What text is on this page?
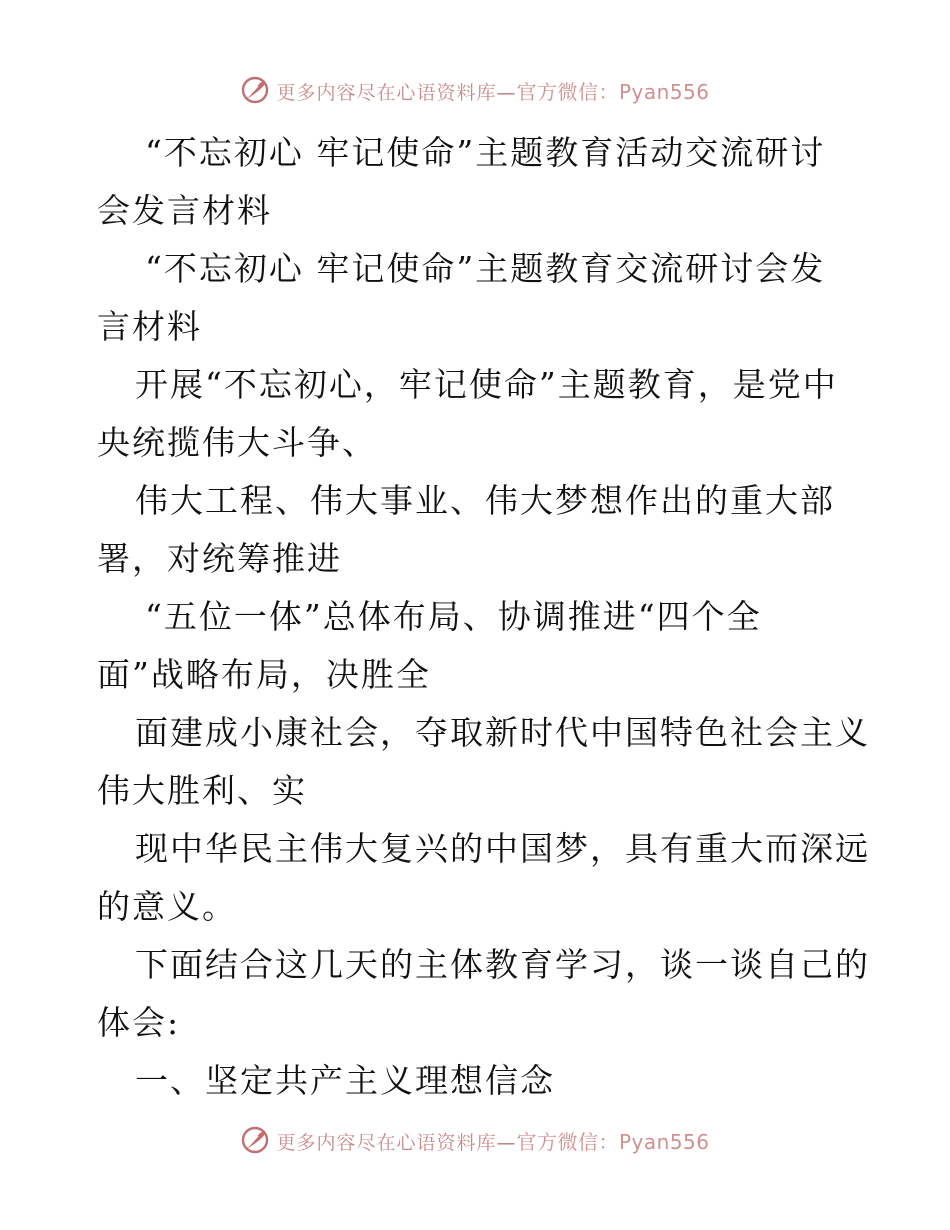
更多内容尽在心语资料库—官方微信：Pyan556
“不忘初心 牢记使命”主题教育活动交流研讨
会发言材料
“不忘初心 牢记使命”主题教育交流研讨会发
言材料
开展“不忘初心，牢记使命”主题教育，是党中
央统揽伟大斗争、
伟大工程、伟大事业、伟大梦想作出的重大部
署，对统筹推进
“五位一体”总体布局、协调推进“四个全
面”战略布局，决胜全
面建成小康社会，夺取新时代中国特色社会主义
伟大胜利、实
现中华民主伟大复兴的中国梦，具有重大而深远
的意义。
下面结合这几天的主体教育学习，谈一谈自己的
体会:
一、坚定共产主义理想信念
更多内容尽在心语资料库—官方微信：Pyan556
